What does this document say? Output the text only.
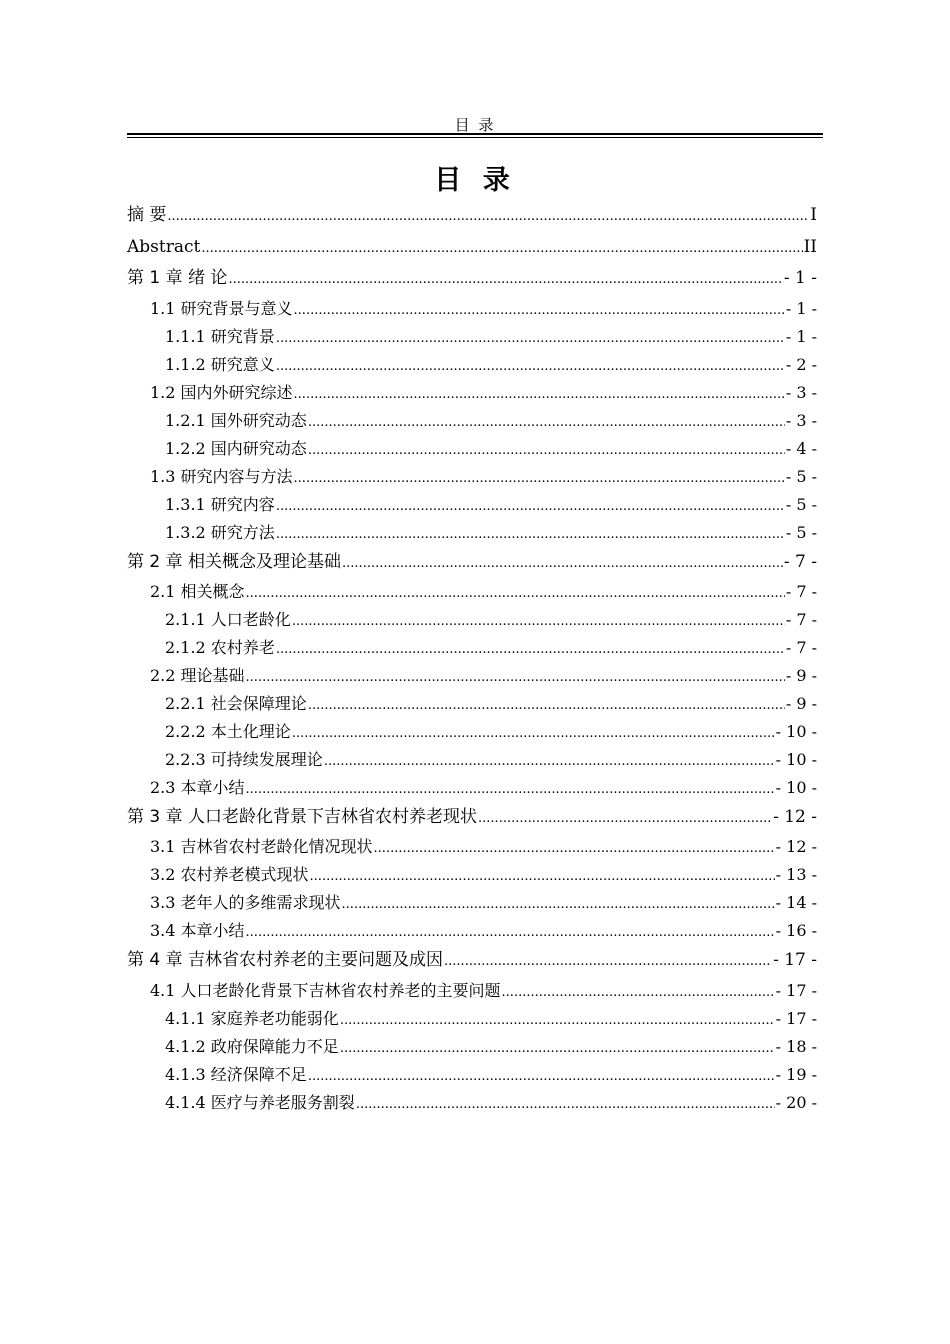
目 录
目 录
摘 要 .....	I
Abstract .....	II
第 1 章 绪 论 .....	- 1 -
1.1 研究背景与意义 .....	- 1 -
1.1.1 研究背景 .....	- 1 -
1.1.2 研究意义 .....	- 2 -
1.2 国内外研究综述 .....	- 3 -
1.2.1 国外研究动态 .....	- 3 -
1.2.2 国内研究动态 .....	- 4 -
1.3 研究内容与方法 .....	- 5 -
1.3.1 研究内容 .....	- 5 -
1.3.2 研究方法 .....	- 5 -
第 2 章 相关概念及理论基础 .....	- 7 -
2.1 相关概念 .....	- 7 -
2.1.1 人口老龄化 .....	- 7 -
2.1.2 农村养老 .....	- 7 -
2.2 理论基础 .....	- 9 -
2.2.1 社会保障理论 .....	- 9 -
2.2.2 本土化理论 .....	- 10 -
2.2.3 可持续发展理论 .....	- 10 -
2.3 本章小结 .....	- 10 -
第 3 章 人口老龄化背景下吉林省农村养老现状 .....	- 12 -
3.1 吉林省农村老龄化情况现状 .....	- 12 -
3.2 农村养老模式现状 .....	- 13 -
3.3 老年人的多维需求现状 .....	- 14 -
3.4 本章小结 .....	- 16 -
第 4 章 吉林省农村养老的主要问题及成因 .....	- 17 -
4.1 人口老龄化背景下吉林省农村养老的主要问题 .....	- 17 -
4.1.1 家庭养老功能弱化 .....	- 17 -
4.1.2 政府保障能力不足 .....	- 18 -
4.1.3 经济保障不足 .....	- 19 -
4.1.4 医疗与养老服务割裂 .....	- 20 -
